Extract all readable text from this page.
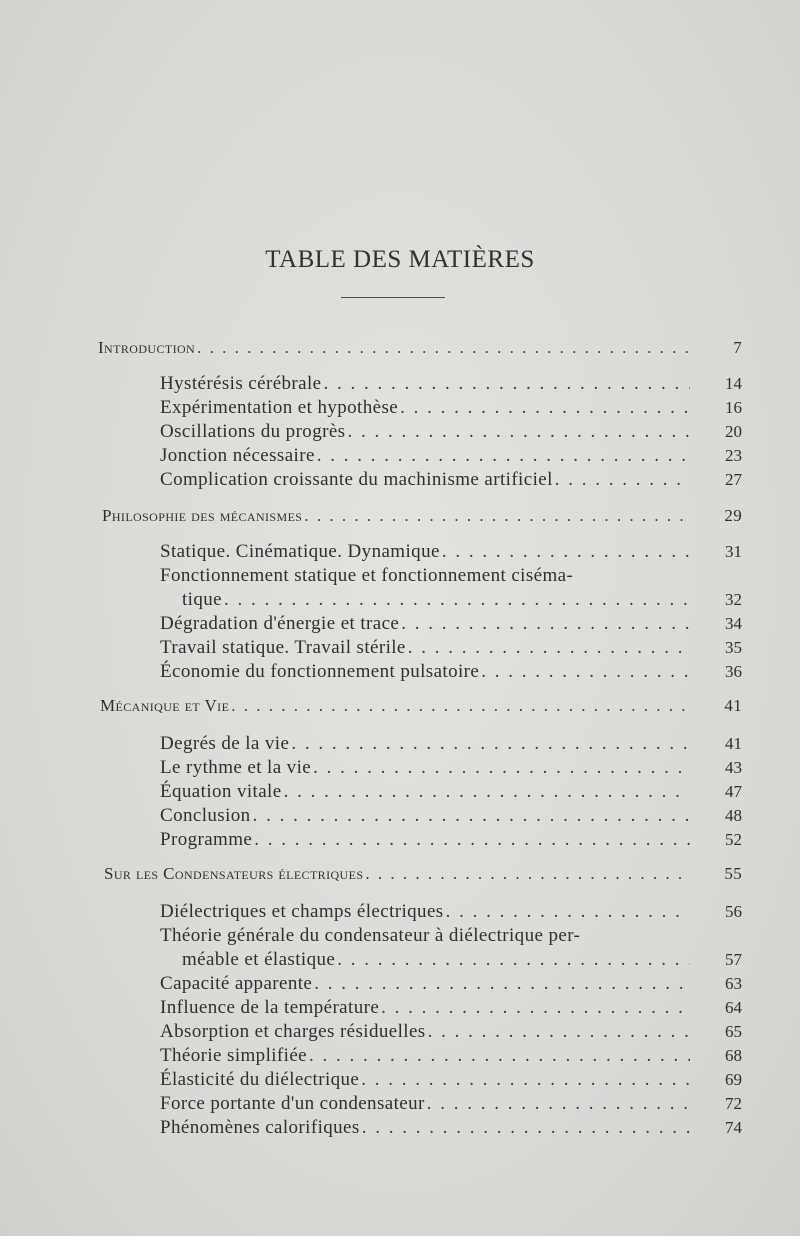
TABLE DES MATIÈRES
Introduction . . .	7
Hystérésis cérébrale . . .	14
Expérimentation et hypothèse . . .	16
Oscillations du progrès . . .	20
Jonction nécessaire . . .	23
Complication croissante du machinisme artificiel . . .	27
Philosophie des mécanismes . . .	29
Statique. Cinématique. Dynamique . . .	31
Fonctionnement statique et fonctionnement ciséma-
tique . . .	32
Dégradation d'énergie et trace . . .	34
Travail statique. Travail stérile . . .	35
Économie du fonctionnement pulsatoire . . .	36
Mécanique et Vie . . .	41
Degrés de la vie . . .	41
Le rythme et la vie . . .	43
Équation vitale . . .	47
Conclusion . . .	48
Programme . . .	52
Sur les Condensateurs électriques . . .	55
Diélectriques et champs électriques . . .	56
Théorie générale du condensateur à diélectrique per-
méable et élastique . . .	57
Capacité apparente . . .	63
Influence de la température . . .	64
Absorption et charges résiduelles . . .	65
Théorie simplifiée . . .	68
Élasticité du diélectrique . . .	69
Force portante d'un condensateur . . .	72
Phénomènes calorifiques . . .	74
